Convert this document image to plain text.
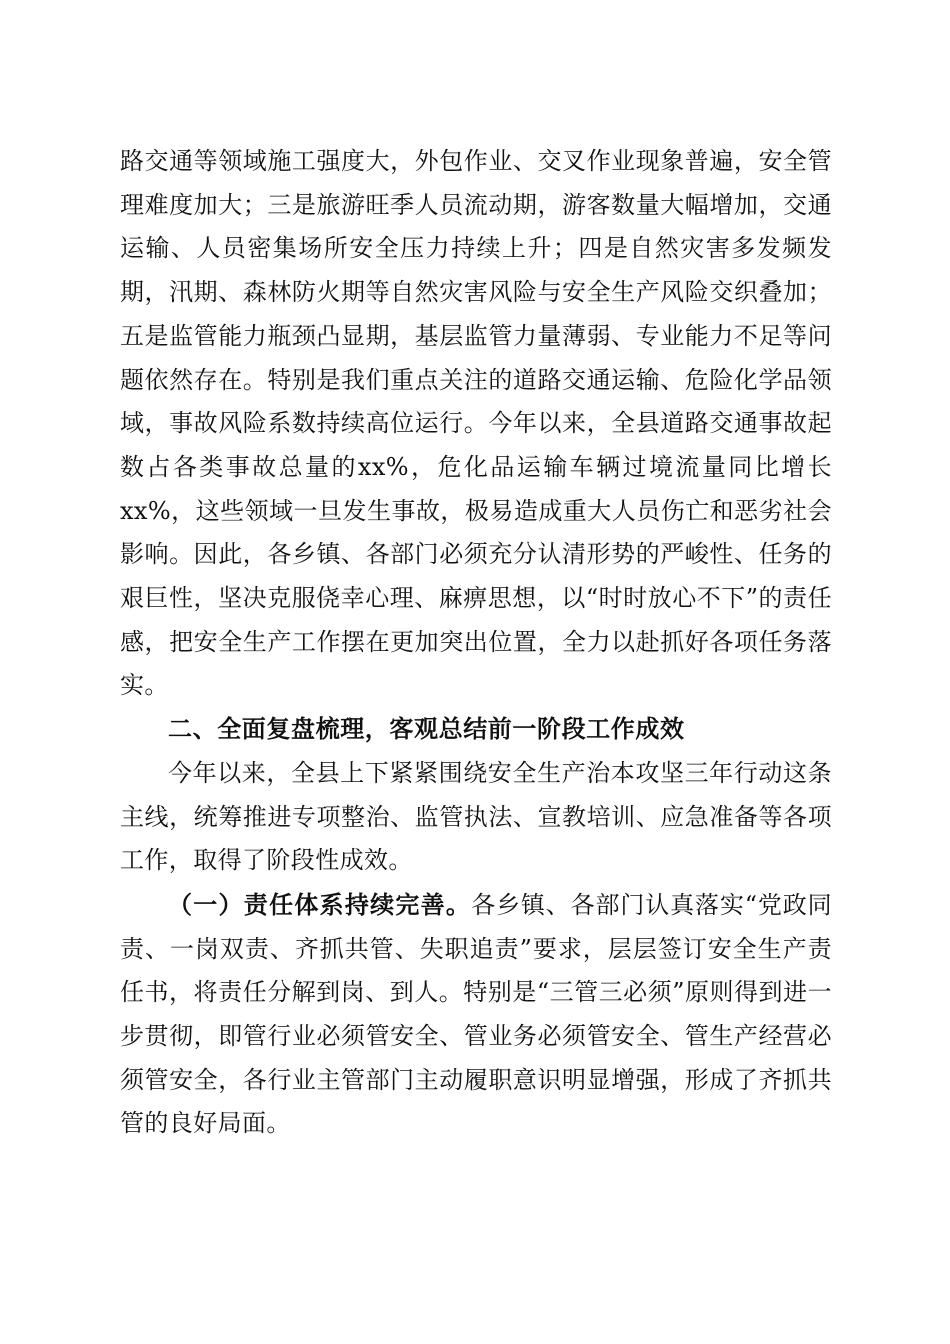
路交通等领域施工强度大，外包作业、交叉作业现象普遍，安全管理难度加大；三是旅游旺季人员流动期，游客数量大幅增加，交通运输、人员密集场所安全压力持续上升；四是自然灾害多发频发期，汛期、森林防火期等自然灾害风险与安全生产风险交织叠加；五是监管能力瓶颈凸显期，基层监管力量薄弱、专业能力不足等问题依然存在。特别是我们重点关注的道路交通运输、危险化学品领域，事故风险系数持续高位运行。今年以来，全县道路交通事故起数占各类事故总量的xx%，危化品运输车辆过境流量同比增长xx%，这些领域一旦发生事故，极易造成重大人员伤亡和恶劣社会影响。因此，各乡镇、各部门必须充分认清形势的严峻性、任务的艰巨性，坚决克服侥幸心理、麻痹思想，以“时时放心不下”的责任感，把安全生产工作摆在更加突出位置，全力以赴抓好各项任务落实。

二、全面复盘梳理，客观总结前一阶段工作成效

今年以来，全县上下紧紧围绕安全生产治本攻坚三年行动这条主线，统筹推进专项整治、监管执法、宣教培训、应急准备等各项工作，取得了阶段性成效。

（一）责任体系持续完善。各乡镇、各部门认真落实“党政同责、一岗双责、齐抓共管、失职追责”要求，层层签订安全生产责任书，将责任分解到岗、到人。特别是“三管三必须”原则得到进一步贯彻，即管行业必须管安全、管业务必须管安全、管生产经营必须管安全，各行业主管部门主动履职意识明显增强，形成了齐抓共管的良好局面。
